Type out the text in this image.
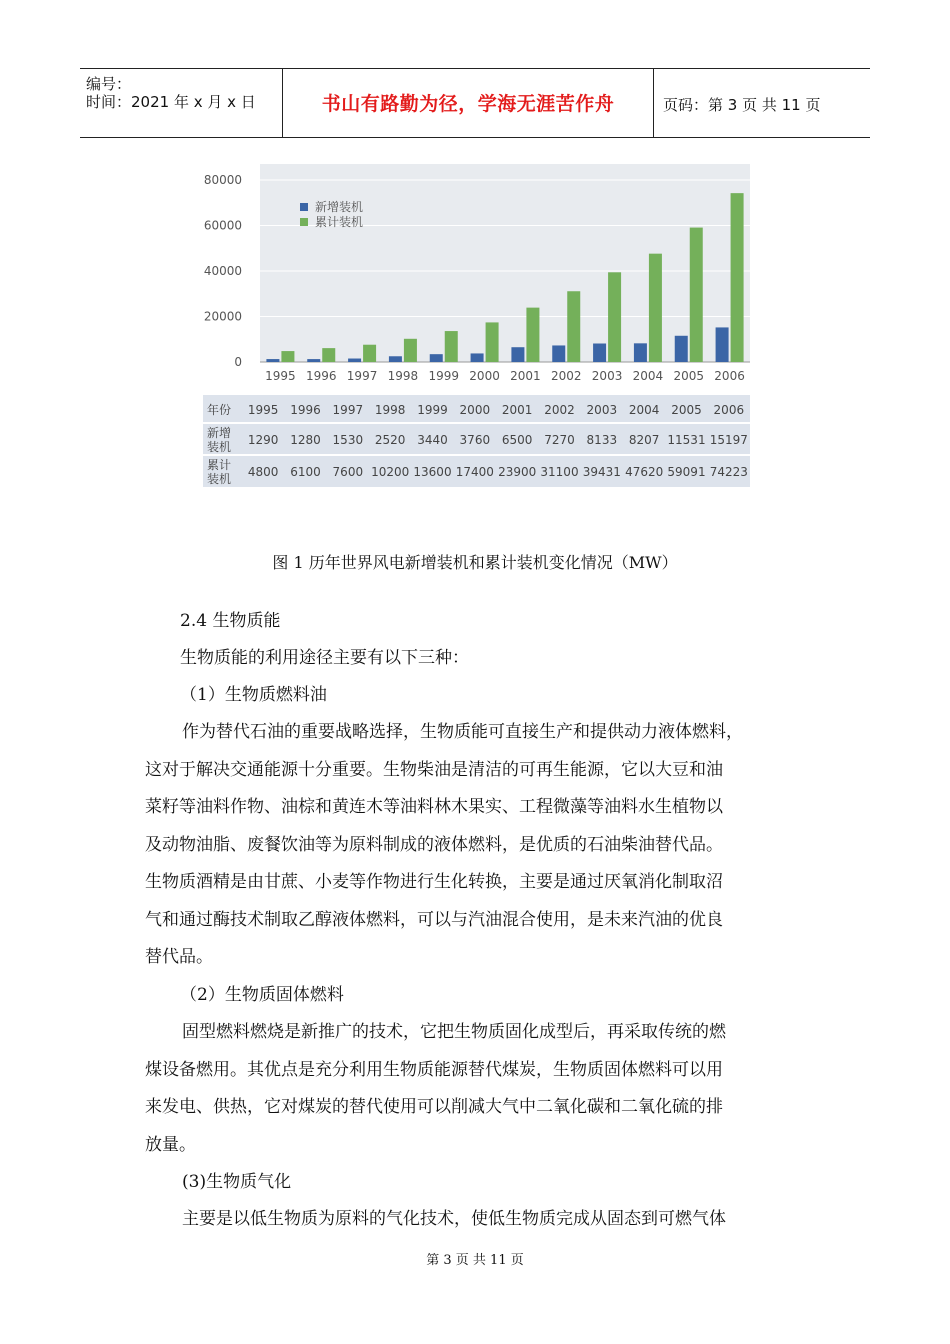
编号：
时间：2021 年 x 月 x 日	书山有路勤为径，学海无涯苦作舟	页码：第 3 页 共 11 页
80000
60000
40000
20000
0
1995 1996 1997 1998 1999 2000 2001 2002 2003 2004 2005 2006
新增装机
累计装机
年份
新增
装机
累计
装机
1995
1290
4800
1996
1280
6100
1997
1530
7600
1998
2520
10200
1999
3440
13600
2000
3760
17400
2001
6500
23900
2002
7270
31100
2003
8133
39431
2004
8207
47620
2005
11531
59091
2006
15197
74223
图 1 历年世界风电新增装机和累计装机变化情况（MW）
2.4 生物质能
生物质能的利用途径主要有以下三种：
（1）生物质燃料油
作为替代石油的重要战略选择，生物质能可直接生产和提供动力液体燃料，
这对于解决交通能源十分重要。生物柴油是清洁的可再生能源，它以大豆和油
菜籽等油料作物、油棕和黄连木等油料林木果实、工程微藻等油料水生植物以
及动物油脂、废餐饮油等为原料制成的液体燃料，是优质的石油柴油替代品。
生物质酒精是由甘蔗、小麦等作物进行生化转换，主要是通过厌氧消化制取沼
气和通过酶技术制取乙醇液体燃料，可以与汽油混合使用，是未来汽油的优良
替代品。
（2）生物质固体燃料
固型燃料燃烧是新推广的技术，它把生物质固化成型后，再采取传统的燃
煤设备燃用。其优点是充分利用生物质能源替代煤炭，生物质固体燃料可以用
来发电、供热，它对煤炭的替代使用可以削减大气中二氧化碳和二氧化硫的排
放量。
(3)生物质气化
主要是以低生物质为原料的气化技术，使低生物质完成从固态到可燃气体
第 3 页 共 11 页
